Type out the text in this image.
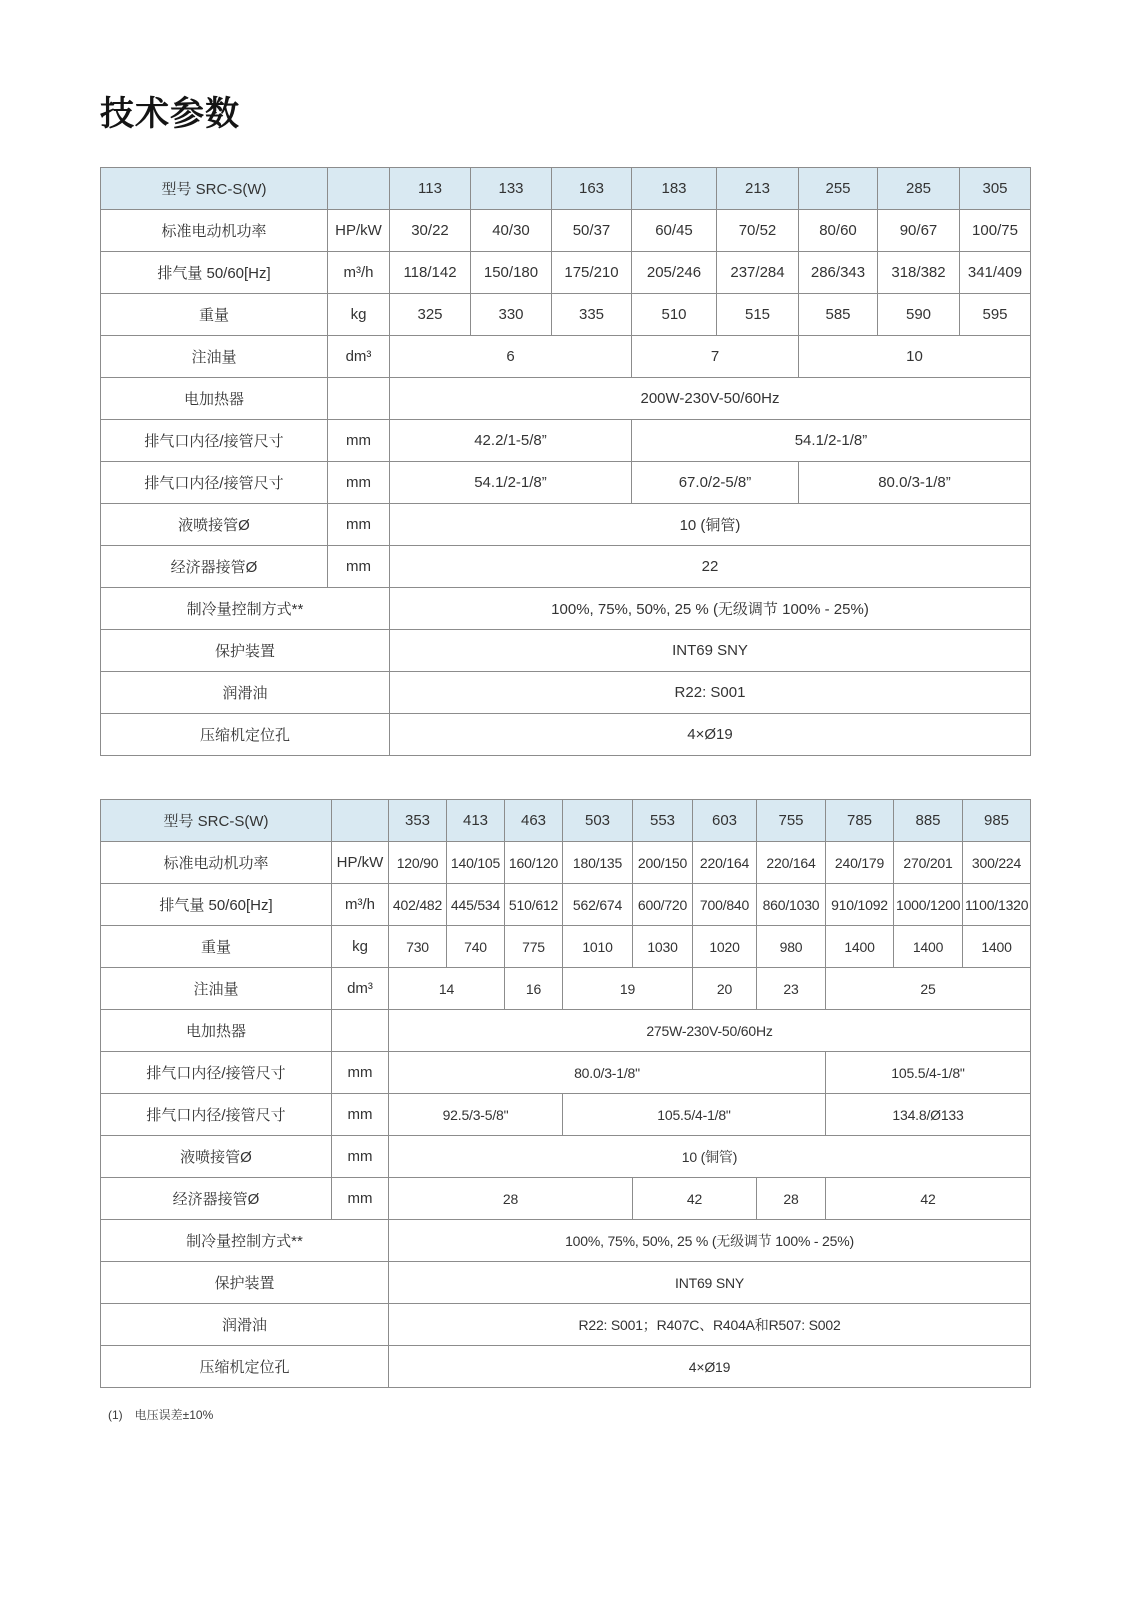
技术参数
型号 SRC-S(W)		113	133	163	183	213	255	285	305
标准电动机功率	HP/kW	30/22	40/30	50/37	60/45	70/52	80/60	90/67	100/75
排气量 50/60[Hz]	m³/h	118/142	150/180	175/210	205/246	237/284	286/343	318/382	341/409
重量	kg	325	330	335	510	515	585	590	595
注油量	dm³	6			7		10		
电加热器		200W-230V-50/60Hz							
排气口内径/接管尺寸	mm	42.2/1-5/8”			54.1/2-1/8”				
排气口内径/接管尺寸	mm	54.1/2-1/8”			67.0/2-5/8”		80.0/3-1/8”		
液喷接管Ø	mm	10 (铜管)							
经济器接管Ø	mm	22							
制冷量控制方式**		100%, 75%, 50%, 25 % (无级调节 100% - 25%)							
保护装置		INT69 SNY							
润滑油		R22: S001							
压缩机定位孔		4×Ø19							
型号 SRC-S(W)		353	413	463	503	553	603	755	785	885	985
标准电动机功率	HP/kW	120/90	140/105	160/120	180/135	200/150	220/164	220/164	240/179	270/201	300/224
排气量 50/60[Hz]	m³/h	402/482	445/534	510/612	562/674	600/720	700/840	860/1030	910/1092	1000/1200	1100/1320
重量	kg	730	740	775	1010	1030	1020	980	1400	1400	1400
注油量	dm³	14		16	19		20	23	25		
电加热器		275W-230V-50/60Hz									
排气口内径/接管尺寸	mm	80.0/3-1/8"							105.5/4-1/8"		
排气口内径/接管尺寸	mm	92.5/3-5/8"			105.5/4-1/8"				134.8/Ø133		
液喷接管Ø	mm	10 (铜管)									
经济器接管Ø	mm	28				42		28	42		
制冷量控制方式**		100%, 75%, 50%, 25 % (无级调节 100% - 25%)									
保护装置		INT69 SNY									
润滑油		R22: S001；R407C、R404A和R507: S002									
压缩机定位孔		4×Ø19									
(1) 电压误差±10%
